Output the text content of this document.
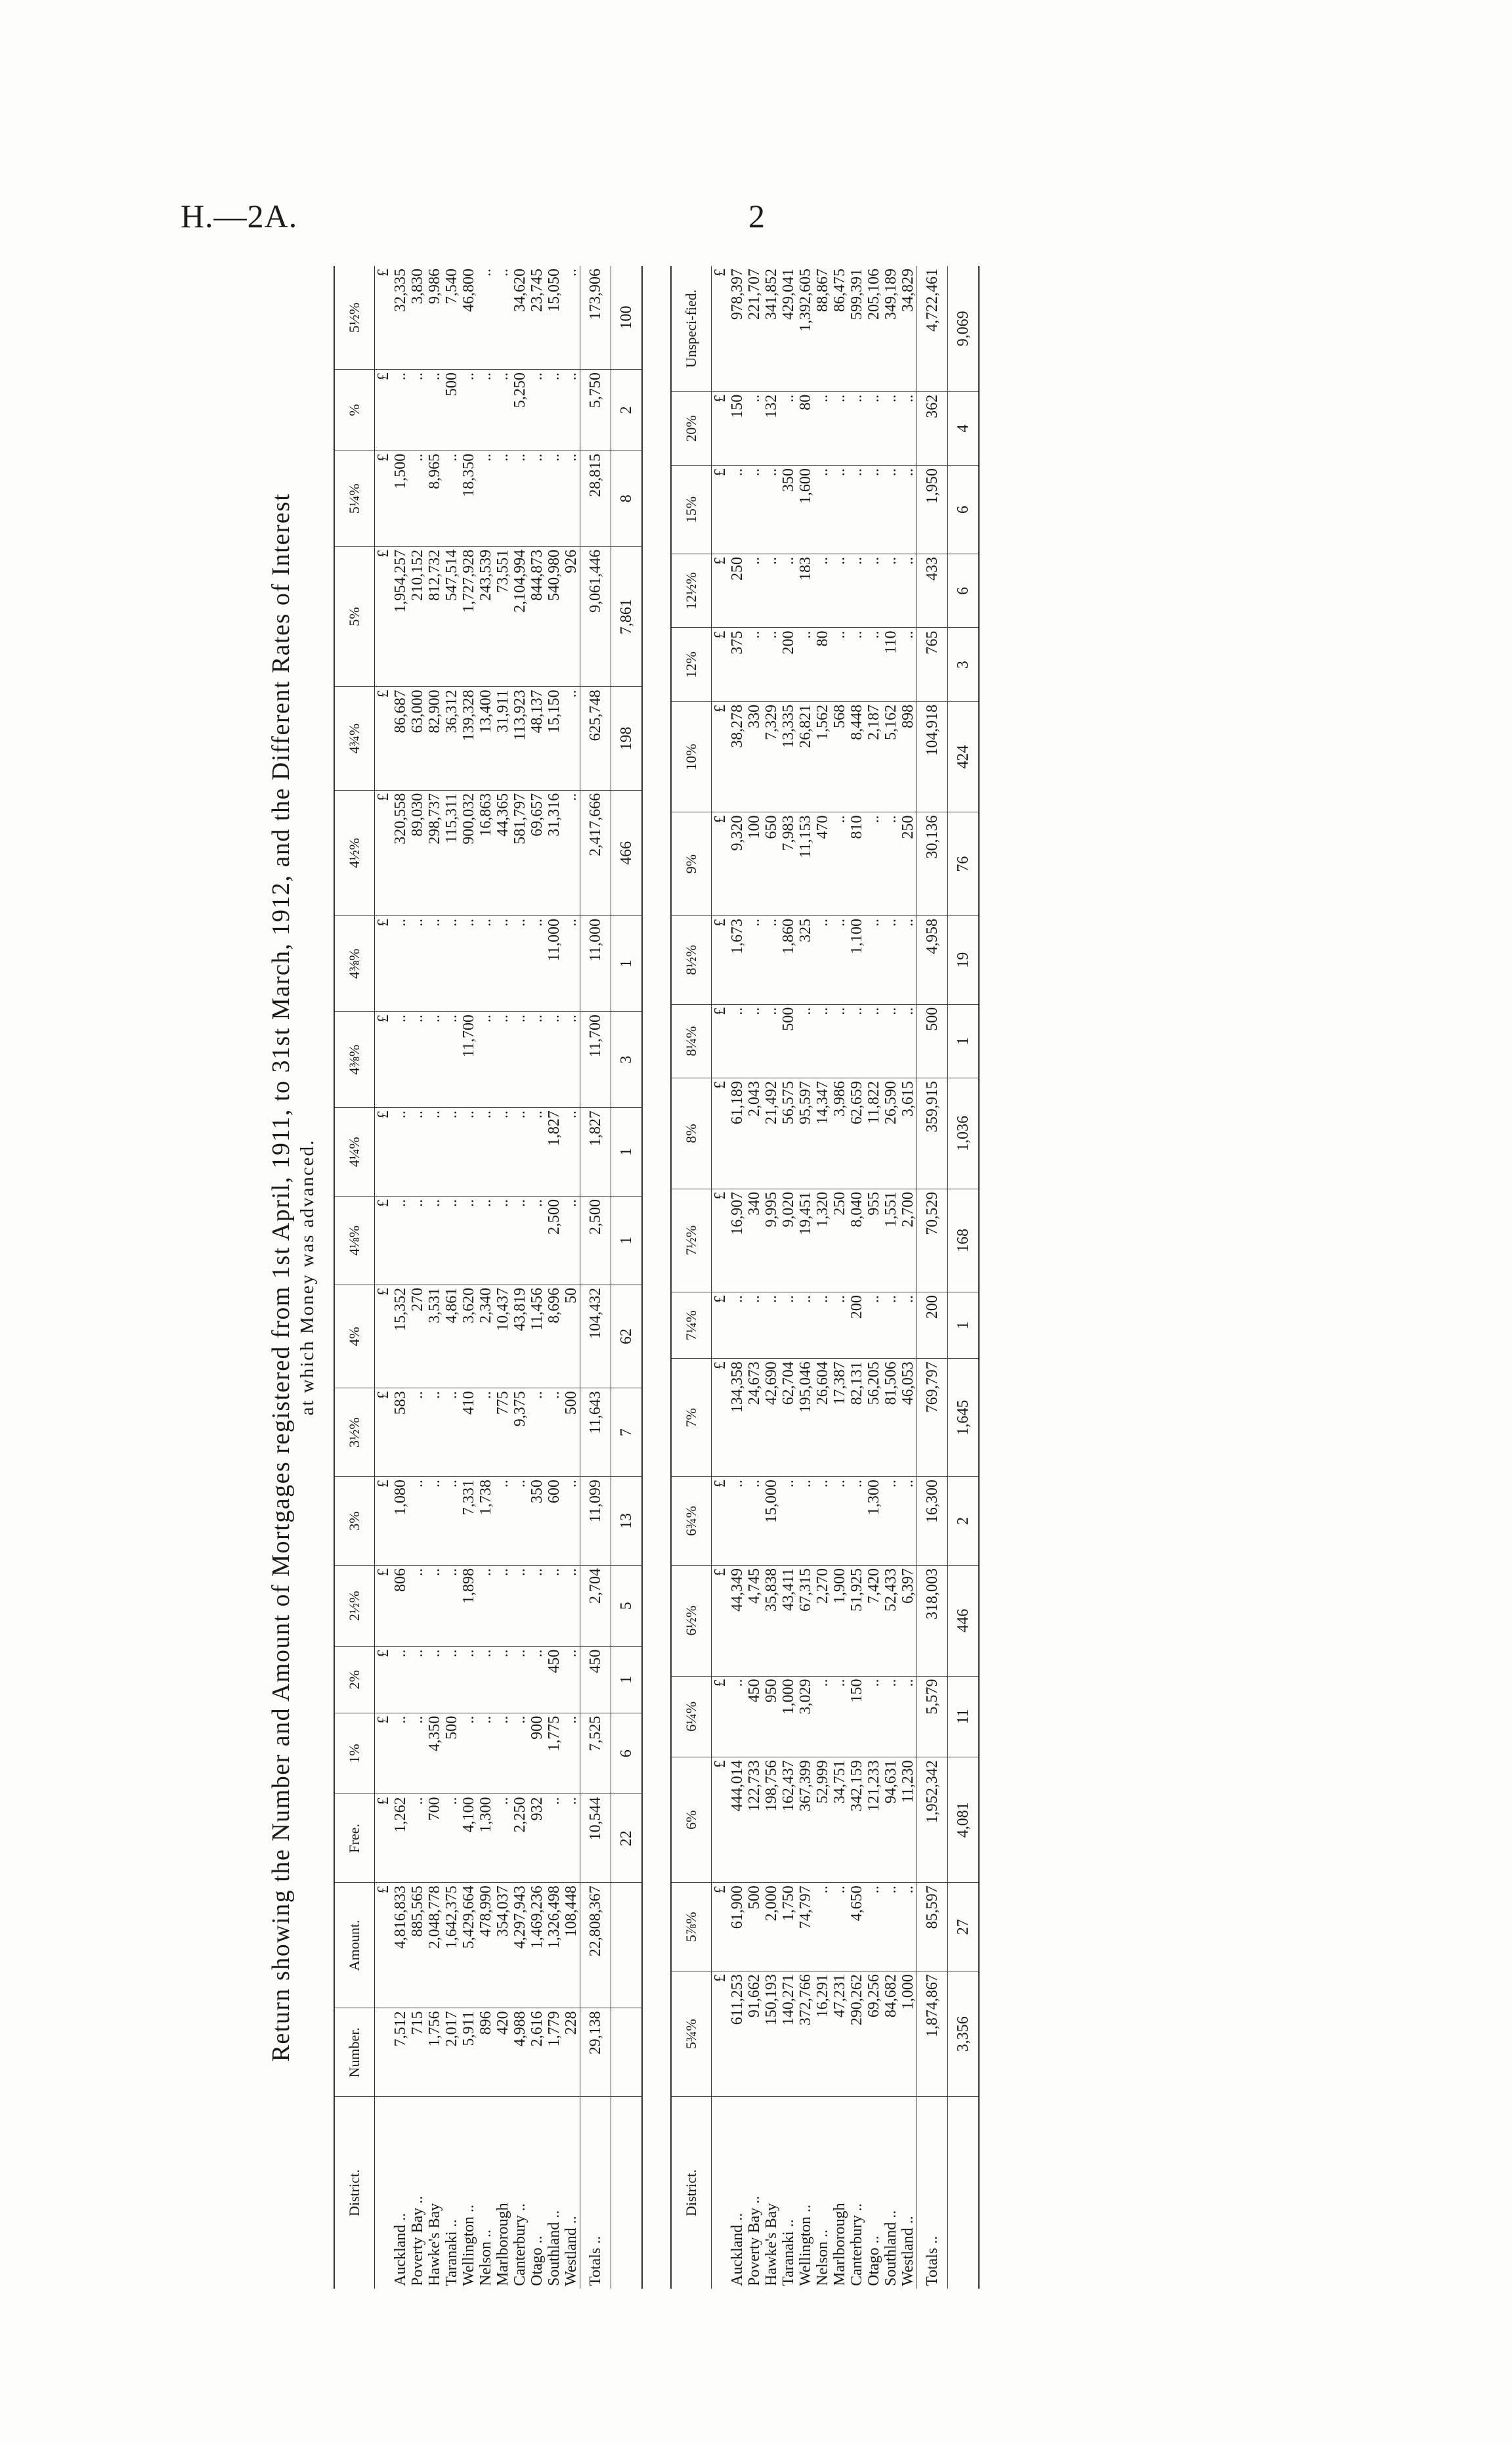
H.—2A.	2
Return showing the Number and Amount of Mortgages registered from 1st April, 1911, to 31st March, 1912, and the Different Rates of Interest at which Money was advanced.
District.	Number.	Amount.	Free.	1%	2%	2½%	3%	3½%	4%	4⅛%	4¼%	4⅜%	4⅜%	4½%	4¾%	5%	5¼%	%	5½%
		£	£	£	£	£	£	£	£	£	£	£	£	£	£	£	£	£	£
Auckland ..	7,512	4,816,833	1,262	..	..	806	1,080	583	15,352	..	..	..	..	320,558	86,687	1,954,257	1,500	..	32,335
Poverty Bay ..	715	885,565	..	..	..	..	..	..	270	..	..	..	..	89,030	63,000	210,152	..	..	3,830
Hawke's Bay	1,756	2,048,778	700	4,350	..	..	..	..	3,531	..	..	..	..	298,737	82,900	812,732	8,965	..	9,986
Taranaki ..	2,017	1,642,375	..	500	..	..	..	..	4,861	..	..	..	..	115,311	36,312	547,514	..	500	7,540
Wellington ..	5,911	5,429,664	4,100	..	..	1,898	7,331	410	3,620	..	..	11,700	..	900,032	139,328	1,727,928	18,350	..	46,800
Nelson ..	896	478,990	1,300	..	..	..	1,738	..	2,340	..	..	..	..	16,863	13,400	243,539	..	..	..
Marlborough	420	354,037	..	..	..	..	..	775	10,437	..	..	..	..	44,365	31,911	73,551	..	..	..
Canterbury ..	4,988	4,297,943	2,250	..	..	..	..	9,375	43,819	..	..	..	..	581,797	113,923	2,104,994	..	5,250	34,620
Otago ..	2,616	1,469,236	932	900	..	..	350	..	11,456	..	..	..	..	69,657	48,137	844,873	..	..	23,745
Southland ..	1,779	1,326,498	..	1,775	450	..	600	..	8,696	2,500	1,827	..	11,000	31,316	15,150	540,980	..	..	15,050
Westland ..	228	108,448	..	..	..	..	..	500	50	..	..	..	..	..	..	926	..	..	..
Totals ..	29,138	22,808,367	10,544	7,525	450	2,704	11,099	11,643	104,432	2,500	1,827	11,700	11,000	2,417,666	625,748	9,061,446	28,815	5,750	173,906
			22	6	1	5	13	7	62	1	1	3	1	466	198	7,861	8	2	100
District.	5¾%	5⅞%	6%	6¼%	6½%	6¾%	7%	7¼%	7½%	8%	8¼%	8½%	9%	10%	12%	12½%	15%	20%	Unspeci-fied.
	£	£	£	£	£	£	£	£	£	£	£	£	£	£	£	£	£	£	£
Auckland ..	611,253	61,900	444,014	..	44,349	..	134,358	..	16,907	61,189	..	1,673	9,320	38,278	375	250	..	150	978,397
Poverty Bay ..	91,662	500	122,733	450	4,745	..	24,673	..	340	2,043	..	..	100	330	..	..	..	..	221,707
Hawke's Bay	150,193	2,000	198,756	950	35,838	15,000	42,690	..	9,995	21,492	..	..	650	7,329	..	..	..	132	341,852
Taranaki ..	140,271	1,750	162,437	1,000	43,411	..	62,704	..	9,020	56,575	500	1,860	7,983	13,335	200	..	350	..	429,041
Wellington ..	372,766	74,797	367,399	3,029	67,315	..	195,046	..	19,451	95,597	..	325	11,153	26,821	..	183	1,600	80	1,392,605
Nelson ..	16,291	..	52,999	..	2,270	..	26,604	..	1,320	14,347	..	..	470	1,562	80	..	..	..	88,867
Marlborough	47,231	..	34,751	..	1,900	..	17,387	..	250	3,986	..	..	..	568	..	..	..	..	86,475
Canterbury ..	290,262	4,650	342,159	150	51,925	..	82,131	200	8,040	62,659	..	1,100	810	8,448	..	..	..	..	599,391
Otago ..	69,256	..	121,233	..	7,420	1,300	56,205	..	955	11,822	..	..	..	2,187	..	..	..	..	205,106
Southland ..	84,682	..	94,631	..	52,433	..	81,506	..	1,551	26,590	..	..	..	5,162	110	..	..	..	349,189
Westland ..	1,000	..	11,230	..	6,397	..	46,053	..	2,700	3,615	..	..	250	898	..	..	..	..	34,829
Totals ..	1,874,867	85,597	1,952,342	5,579	318,003	16,300	769,797	200	70,529	359,915	500	4,958	30,136	104,918	765	433	1,950	362	4,722,461
	3,356	27	4,081	11	446	2	1,645	1	168	1,036	1	19	76	424	3	6	6	4	9,069
